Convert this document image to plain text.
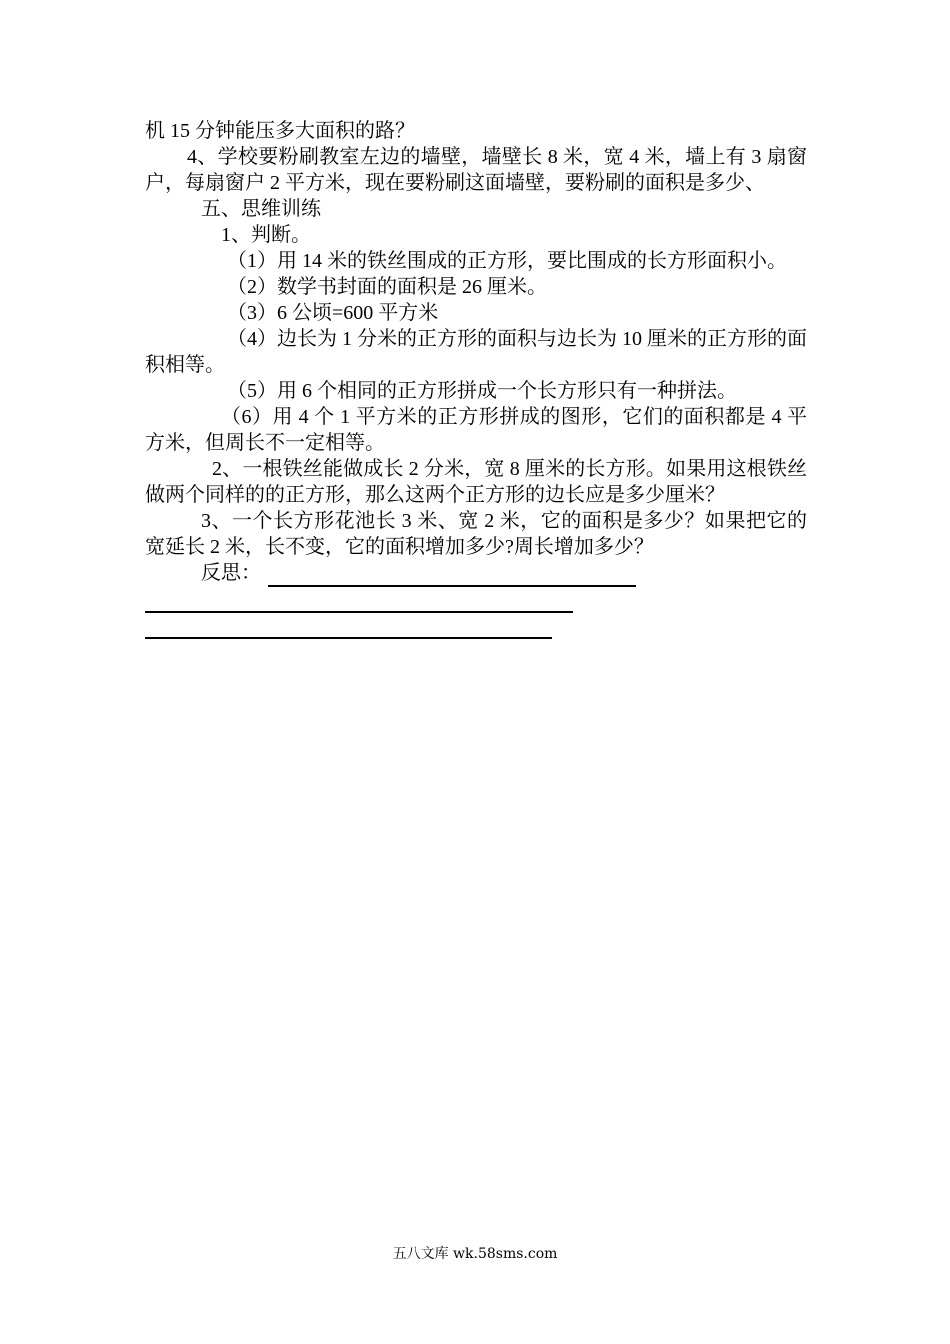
机 15 分钟能压多大面积的路？

4、学校要粉刷教室左边的墙壁，墙壁长 8 米，宽 4 米，墙上有 3 扇窗户，每扇窗户 2 平方米，现在要粉刷这面墙壁，要粉刷的面积是多少、

五、思维训练

1、判断。

（1）用 14 米的铁丝围成的正方形，要比围成的长方形面积小。

（2）数学书封面的面积是 26 厘米。

（3）6 公顷=600 平方米

（4）边长为 1 分米的正方形的面积与边长为 10 厘米的正方形的面积相等。

（5）用 6 个相同的正方形拼成一个长方形只有一种拼法。

（6）用 4 个 1 平方米的正方形拼成的图形，它们的面积都是 4 平方米，但周长不一定相等。

2、一根铁丝能做成长 2 分米，宽 8 厘米的长方形。如果用这根铁丝做两个同样的的正方形，那么这两个正方形的边长应是多少厘米？

3、一个长方形花池长 3 米、宽 2 米，它的面积是多少？如果把它的宽延长 2 米，长不变，它的面积增加多少?周长增加多少？

反思：
五八文库 wk.58sms.com
